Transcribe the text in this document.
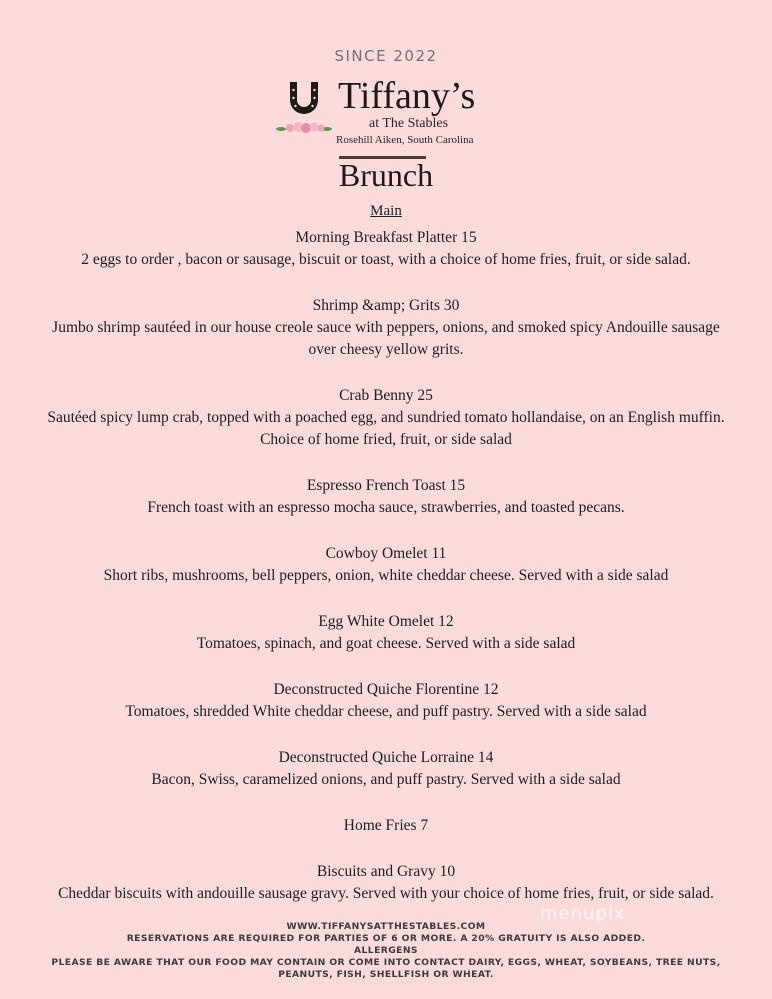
SINCE 2022
Tiffany’s
at The Stables
Rosehill Aiken, South Carolina
Brunch
Main
Morning Breakfast Platter 15
2 eggs to order , bacon or sausage, biscuit or toast, with a choice of home fries, fruit, or side salad.
Shrimp &amp; Grits 30
Jumbo shrimp sautéed in our house creole sauce with peppers, onions, and smoked spicy Andouille sausage over cheesy yellow grits.
Crab Benny 25
Sautéed spicy lump crab, topped with a poached egg, and sundried tomato hollandaise, on an English muffin. Choice of home fried, fruit, or side salad
Espresso French Toast 15
French toast with an espresso mocha sauce, strawberries, and toasted pecans.
Cowboy Omelet 11
Short ribs, mushrooms, bell peppers, onion, white cheddar cheese. Served with a side salad
Egg White Omelet 12
Tomatoes, spinach, and goat cheese. Served with a side salad
Deconstructed Quiche Florentine 12
Tomatoes, shredded White cheddar cheese, and puff pastry. Served with a side salad
Deconstructed Quiche Lorraine 14
Bacon, Swiss, caramelized onions, and puff pastry. Served with a side salad
Home Fries 7
Biscuits and Gravy 10
Cheddar biscuits with andouille sausage gravy. Served with your choice of home fries, fruit, or side salad.
menupix
WWW.TIFFANYSATTHESTABLES.COM
RESERVATIONS ARE REQUIRED FOR PARTIES OF 6 OR MORE. A 20% GRATUITY IS ALSO ADDED.
ALLERGENS
PLEASE BE AWARE THAT OUR FOOD MAY CONTAIN OR COME INTO CONTACT DAIRY, EGGS, WHEAT, SOYBEANS, TREE NUTS, PEANUTS, FISH, SHELLFISH OR WHEAT.
